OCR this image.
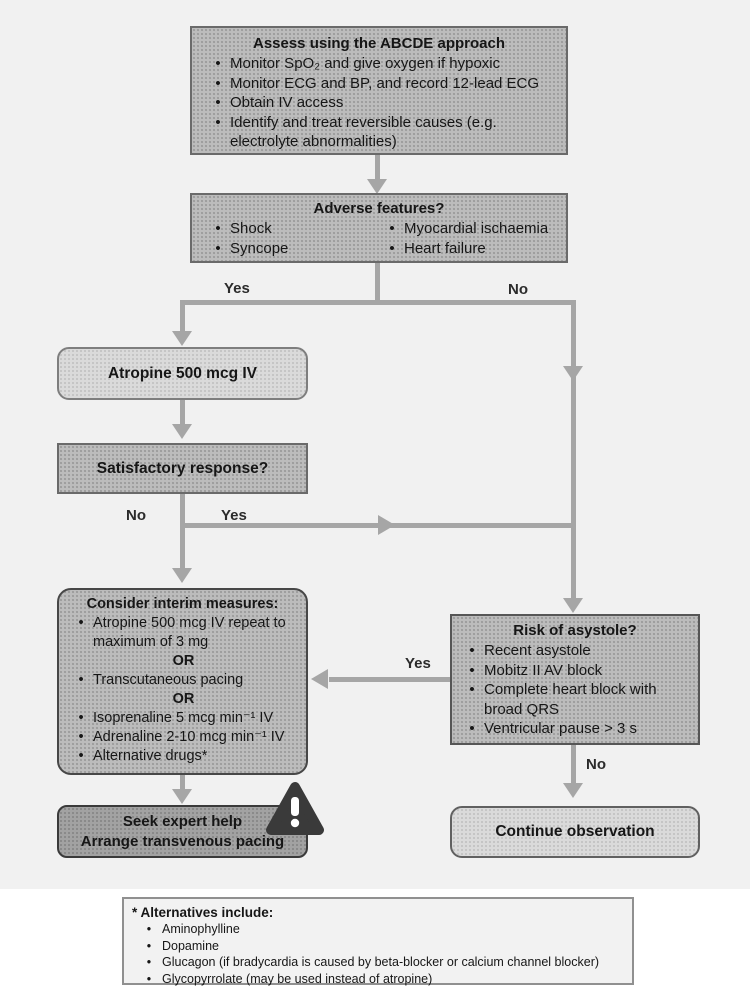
Yes	No
No	Yes
Yes
No
Assess using the ABCDE approach
• Monitor SpO₂ and give oxygen if hypoxic
• Monitor ECG and BP, and record 12-lead ECG
• Obtain IV access
• Identify and treat reversible causes (e.g. electrolyte abnormalities)
Adverse features?
• Shock
• Syncope
• Myocardial ischaemia
• Heart failure
Atropine 500 mcg IV
Satisfactory response?
Consider interim measures:
• Atropine 500 mcg IV repeat to maximum of 3 mg
OR
• Transcutaneous pacing
OR
• Isoprenaline 5 mcg min⁻¹ IV
• Adrenaline 2-10 mcg min⁻¹ IV
• Alternative drugs*
Risk of asystole?
• Recent asystole
• Mobitz II AV block
• Complete heart block with broad QRS
• Ventricular pause > 3 s
Seek expert help
Arrange transvenous pacing
Continue observation
* Alternatives include:
• Aminophylline
• Dopamine
• Glucagon (if bradycardia is caused by beta-blocker or calcium channel blocker)
• Glycopyrrolate (may be used instead of atropine)
